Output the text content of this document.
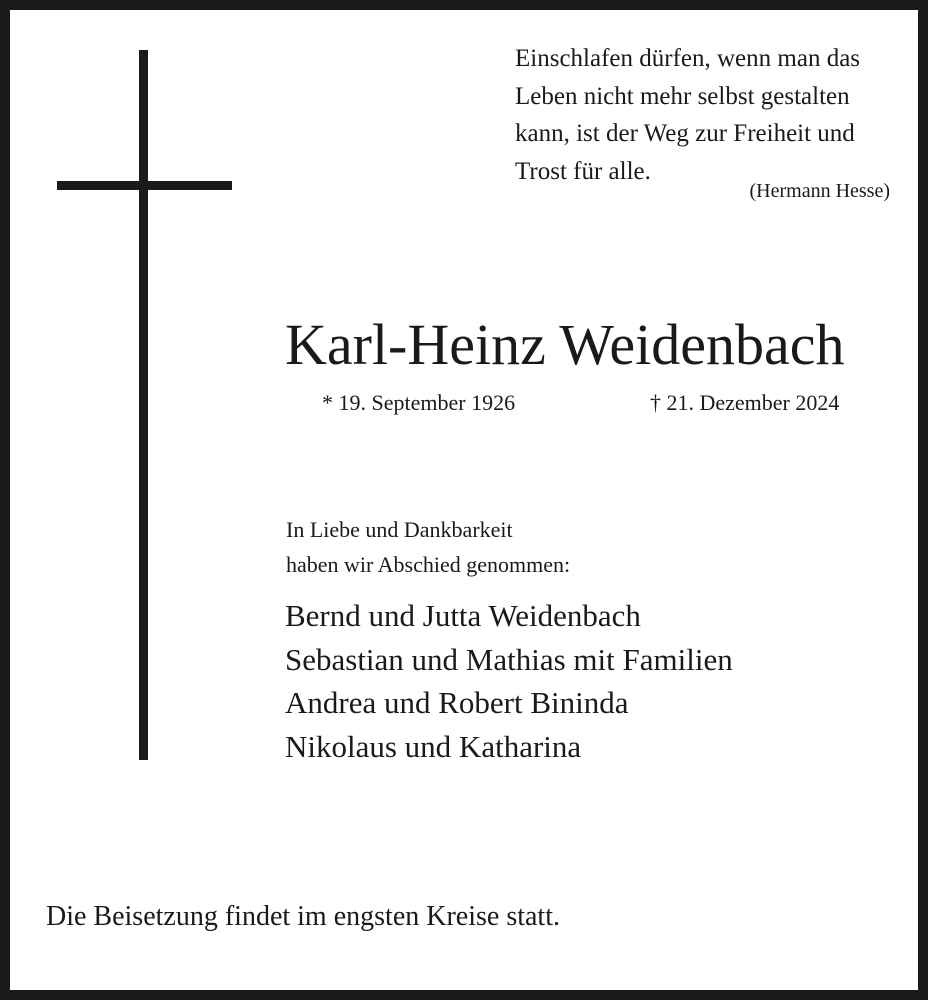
Einschlafen dürfen, wenn man das
Leben nicht mehr selbst gestalten
kann, ist der Weg zur Freiheit und
Trost für alle.
(Hermann Hesse)
Karl-Heinz Weidenbach
* 19. September 1926	† 21. Dezember 2024
In Liebe und Dankbarkeit
haben wir Abschied genommen:
Bernd und Jutta Weidenbach
Sebastian und Mathias mit Familien
Andrea und Robert Bininda
Nikolaus und Katharina
Die Beisetzung findet im engsten Kreise statt.
